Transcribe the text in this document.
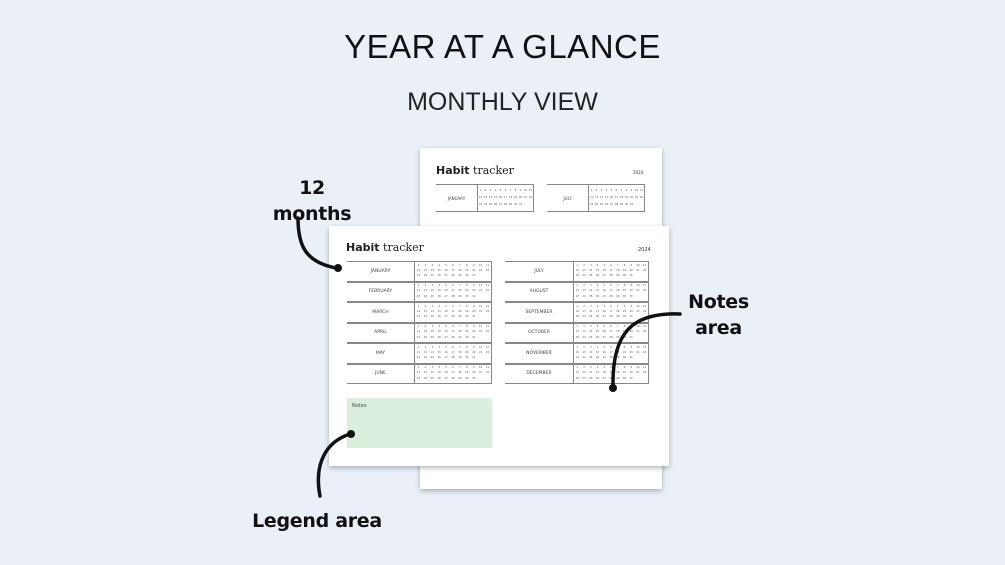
YEAR AT A GLANCE
MONTHLY VIEW
Habit tracker	2024
JANUARY
1 2 3 4 5 6 7 8 9 10 11
12 13 14 15 16 17 18 19 20 21 22
23 24 25 26 27 28 29 30 31
JULY
1 2 3 4 5 6 7 8 9 10 11
12 13 14 15 16 17 18 19 20 21 22
23 24 25 26 27 28 29 30 31
Habit tracker	2024
JANUARY
1 2 3 4 5 6 7 8 9 10 11
12 13 14 15 16 17 18 19 20 21 22
23 24 25 26 27 28 29 30 31
FEBRUARY
1 2 3 4 5 6 7 8 9 10 11
12 13 14 15 16 17 18 19 20 21 22
23 24 25 26 27 28 29 30 31
MARCH
1 2 3 4 5 6 7 8 9 10 11
12 13 14 15 16 17 18 19 20 21 22
23 24 25 26 27 28 29 30 31
APRIL
1 2 3 4 5 6 7 8 9 10 11
12 13 14 15 16 17 18 19 20 21 22
23 24 25 26 27 28 29 30 31
MAY
1 2 3 4 5 6 7 8 9 10 11
12 13 14 15 16 17 18 19 20 21 22
23 24 25 26 27 28 29 30 31
JUNE
1 2 3 4 5 6 7 8 9 10 11
12 13 14 15 16 17 18 19 20 21 22
23 24 25 26 27 28 29 30 31
JULY
1 2 3 4 5 6 7 8 9 10 11
12 13 14 15 16 17 18 19 20 21 22
23 24 25 26 27 28 29 30 31
AUGUST
1 2 3 4 5 6 7 8 9 10 11
12 13 14 15 16 17 18 19 20 21 22
23 24 25 26 27 28 29 30 31
SEPTEMBER
1 2 3 4 5 6 7 8 9 10 11
12 13 14 15 16 17 18 19 20 21 22
23 24 25 26 27 28 29 30 31
OCTOBER
1 2 3 4 5 6 7 8 9 10 11
12 13 14 15 16 17 18 19 20 21 22
23 24 25 26 27 28 29 30 31
NOVEMBER
1 2 3 4 5 6 7 8 9 10 11
12 13 14 15 16 17 18 19 20 21 22
23 24 25 26 27 28 29 30 31
DECEMBER
1 2 3 4 5 6 7 8 9 10 11
12 13 14 15 16 17 18 19 20 21 22
23 24 25 26 27 28 29 30 31
Notes
12 months
Notes
area
Legend area
